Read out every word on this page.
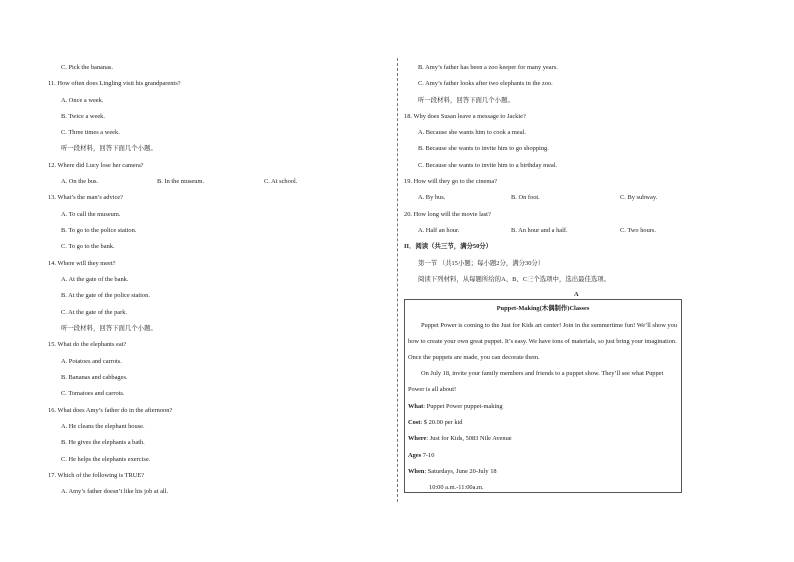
C. Pick the bananas.
11. How often does Lingling visit his grandparents?
A. Once a week.
B. Twice a week.
C. Three times a week.
听一段材料，回答下面几个小题。
12. Where did Lucy lose her camera?
A. On the bus.	B. In the museum.	C. At school.
13. What’s the man’s advice?
A. To call the museum.
B. To go to the police station.
C. To go to the bank.
14. Where will they meet?
A. At the gate of the bank.
B. At the gate of the police station.
C. At the gate of the park.
听一段材料，回答下面几个小题。
15. What do the elephants eat?
A. Potatoes and carrots.
B. Bananas and cabbages.
C. Tomatoes and carrots.
16. What does Amy’s father do in the afternoon?
A. He cleans the elephant house.
B. He gives the elephants a bath.
C. He helps the elephants exercise.
17. Which of the following is TRUE?
A. Amy’s father doesn’t like his job at all.
B. Amy’s father has been a zoo keeper for many years.
C. Amy’s father looks after two elephants in the zoo.
听一段材料，回答下面几个小题。
18. Why does Susan leave a message to Jackie?
A. Because she wants him to cook a meal.
B. Because she wants to invite him to go shopping.
C. Because she wants to invite him to a birthday meal.
19. How will they go to the cinema?
A. By bus.	B. On foot.	C. By subway.
20. How long will the movie last?
A. Half an hour.	B. An hour and a half.	C. Two hours.
II．阅读（共三节，满分50分）
第一节 （共15小题；每小题2分，满分30分）
阅读下列材料，从每题所给的A、B、C三个选项中，选出最佳选项。
A
Puppet-Making(木偶制作)Classes
Puppet Power is coming to the Just for Kids art center! Join in the summertime fun! We’ll show you how to create your own great puppet. It’s easy. We have tons of materials, so just bring your imagination. Once the puppets are made, you can decorate them.
On July 18, invite your family members and friends to a puppet show. They’ll see what Puppet Power is all about!
What: Puppet Power puppet-making
Cost: $ 20.00 per kid
Where: Just for Kids, 5083 Nile Avenue
Ages 7-10
When: Saturdays, June 20-July 18
10:00 a.m.-11:00a.m.
